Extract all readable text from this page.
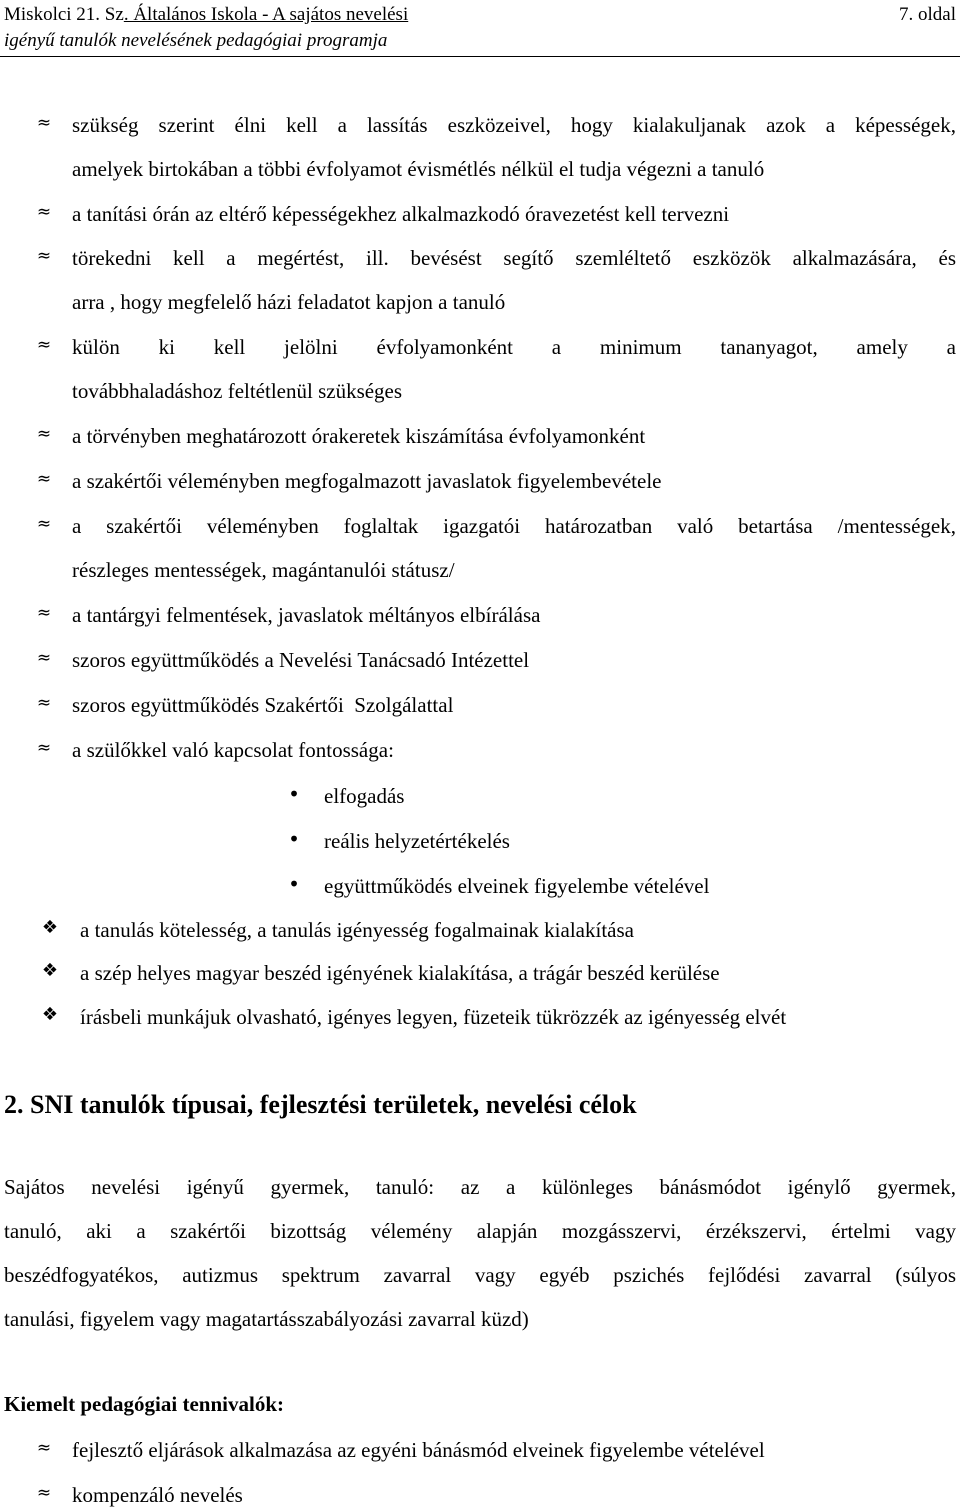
Miskolci 21. Sz. Általános Iskola - A sajátos nevelési
igényű tanulók nevelésének pedagógiai programja
7. oldal
≈ szükség szerint élni kell a lassítás eszközeivel, hogy kialakuljanak azok a képességek,
amelyek birtokában a többi évfolyamot évismétlés nélkül el tudja végezni a tanuló
≈ a tanítási órán az eltérő képességekhez alkalmazkodó óravezetést kell tervezni
≈ törekedni kell a megértést, ill. bevésést segítő szemléltető eszközök alkalmazására, és
arra , hogy megfelelő házi feladatot kapjon a tanuló
≈ külön ki kell jelölni évfolyamonként a minimum tananyagot, amely a
továbbhaladáshoz feltétlenül szükséges
≈ a törvényben meghatározott órakeretek kiszámítása évfolyamonként
≈ a szakértői véleményben megfogalmazott javaslatok figyelembevétele
≈ a szakértői véleményben foglaltak igazgatói határozatban való betartása /mentességek,
részleges mentességek, magántanulói státusz/
≈ a tantárgyi felmentések, javaslatok méltányos elbírálása
≈ szoros együttműködés a Nevelési Tanácsadó Intézettel
≈ szoros együttműködés Szakértői  Szolgálattal
≈ a szülőkkel való kapcsolat fontossága:
• elfogadás
• reális helyzetértékelés
• együttműködés elveinek figyelembe vételével
❖ a tanulás kötelesség, a tanulás igényesség fogalmainak kialakítása
❖ a szép helyes magyar beszéd igényének kialakítása, a trágár beszéd kerülése
❖ írásbeli munkájuk olvasható, igényes legyen, füzeteik tükrözzék az igényesség elvét
2. SNI tanulók típusai, fejlesztési területek, nevelési célok
Sajátos nevelési igényű gyermek, tanuló: az a különleges bánásmódot igénylő gyermek,
tanuló, aki a szakértői bizottság vélemény alapján mozgásszervi, érzékszervi, értelmi vagy
beszédfogyatékos, autizmus spektrum zavarral vagy egyéb pszichés fejlődési zavarral (súlyos
tanulási, figyelem vagy magatartásszabályozási zavarral küzd)
Kiemelt pedagógiai tennivalók:
≈ fejlesztő eljárások alkalmazása az egyéni bánásmód elveinek figyelembe vételével
≈ kompenzáló nevelés
